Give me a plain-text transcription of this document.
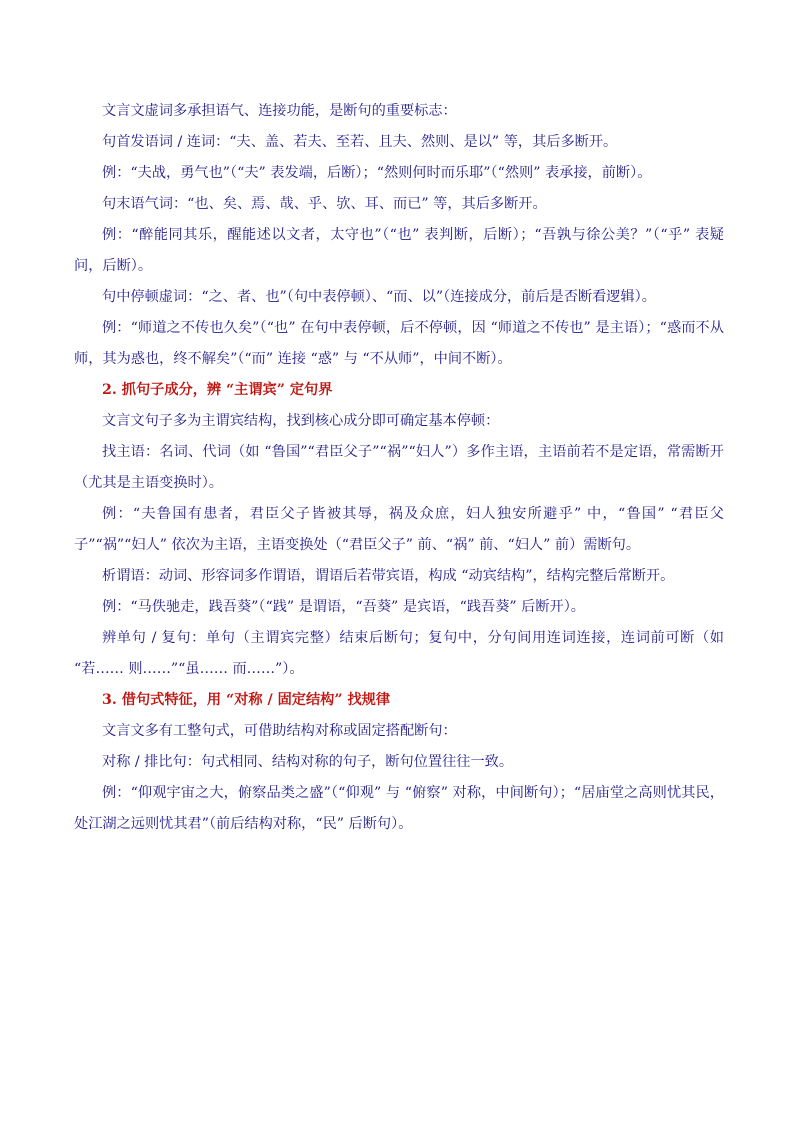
文言文虚词多承担语气、连接功能，是断句的重要标志：

句首发语词 / 连词：“夫、盖、若夫、至若、且夫、然则、是以” 等，其后多断开。

例：“夫战，勇气也”（“夫” 表发端，后断）；“然则何时而乐耶”（“然则” 表承接，前断）。

句末语气词：“也、矣、焉、哉、乎、欤、耳、而已” 等，其后多断开。

例：“醉能同其乐，醒能述以文者，太守也”（“也” 表判断，后断）；“吾孰与徐公美？”（“乎” 表疑问，后断）。

句中停顿虚词：“之、者、也”（句中表停顿）、“而、以”（连接成分，前后是否断看逻辑）。

例：“师道之不传也久矣”（“也” 在句中表停顿，后不停顿，因 “师道之不传也” 是主语）；“惑而不从师，其为惑也，终不解矣”（“而” 连接 “惑” 与 “不从师”，中间不断）。

2. 抓句子成分，辨 “主谓宾” 定句界

文言文句子多为主谓宾结构，找到核心成分即可确定基本停顿：

找主语：名词、代词（如 “鲁国”“君臣父子”“祸”“妇人”）多作主语，主语前若不是定语，常需断开（尤其是主语变换时）。

例：“夫鲁国有患者，君臣父子皆被其辱，祸及众庶，妇人独安所避乎” 中，“鲁国” “君臣父子”“祸”“妇人” 依次为主语，主语变换处（“君臣父子” 前、“祸” 前、“妇人” 前）需断句。

析谓语：动词、形容词多作谓语，谓语后若带宾语，构成 “动宾结构”，结构完整后常断开。

例：“马佚驰走，践吾葵”（“践” 是谓语，“吾葵” 是宾语，“践吾葵” 后断开）。

辨单句 / 复句：单句（主谓宾完整）结束后断句；复句中，分句间用连词连接，连词前可断（如 “若…… 则……”“虽…… 而……”）。

3. 借句式特征，用 “对称 / 固定结构” 找规律

文言文多有工整句式，可借助结构对称或固定搭配断句：

对称 / 排比句：句式相同、结构对称的句子，断句位置往往一致。

例：“仰观宇宙之大，俯察品类之盛”（“仰观” 与 “俯察” 对称，中间断句）；“居庙堂之高则忧其民，处江湖之远则忧其君”（前后结构对称，“民” 后断句）。
